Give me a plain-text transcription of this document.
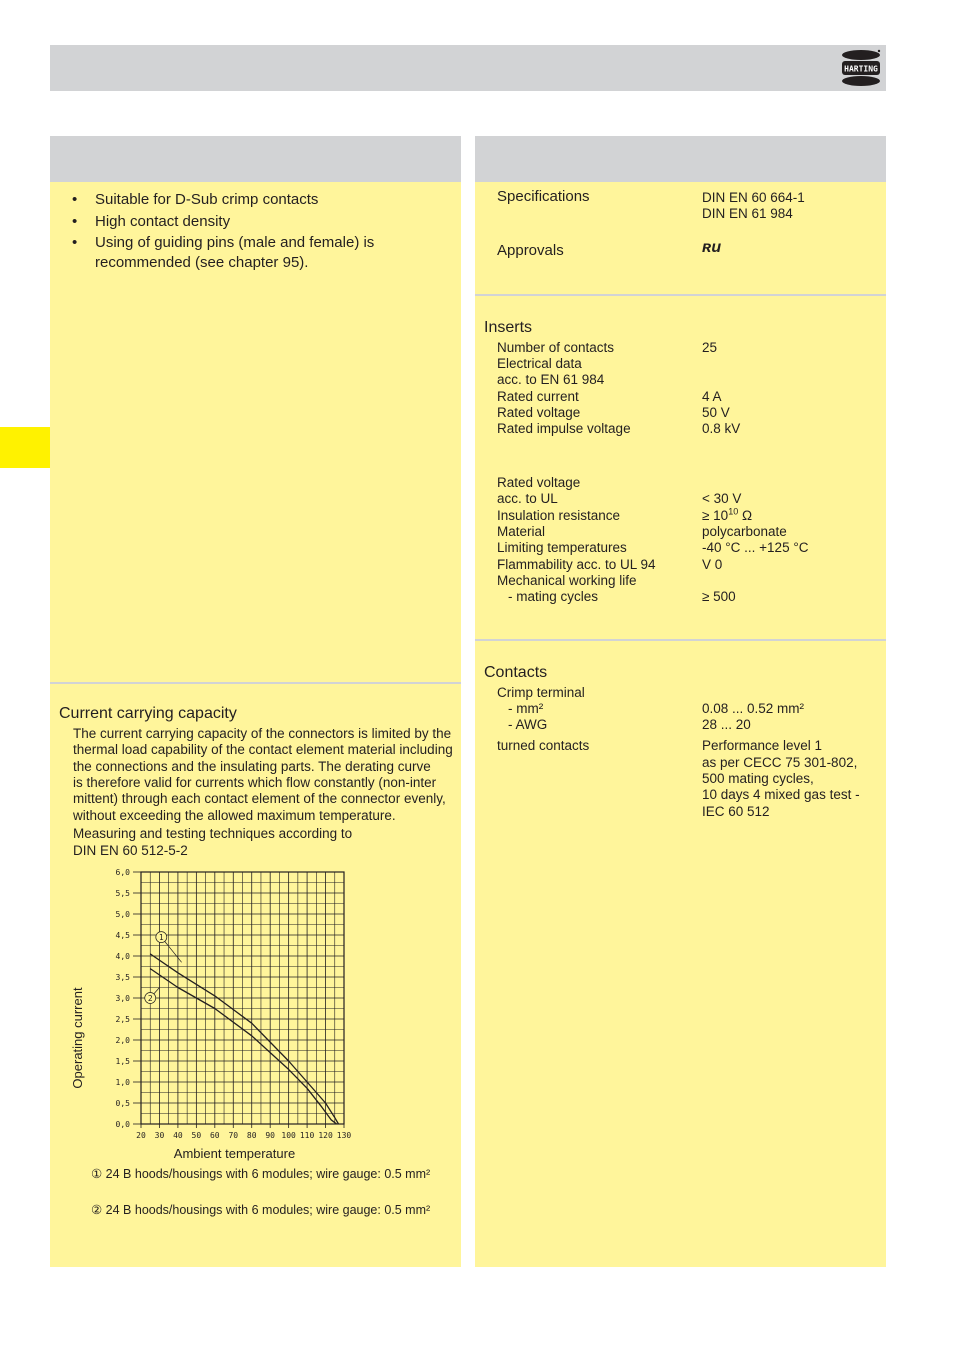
HARTING
• Suitable for D-Sub crimp contacts
• High contact density
• Using of guiding pins (male and female) is
recommended (see chapter 95).
Current carrying capacity
The current carrying capacity of the connectors is limited by the
thermal load capability of the contact element material including
the connections and the insulating parts. The derating curve
is therefore valid for currents which flow constantly (non-inter
mittent) through each contact element of the connector evenly,
without exceeding the allowed maximum temperature.
Measuring and testing techniques according to
DIN EN 60 512-5-2
0,0
0,5
1,0
1,5
2,0
2,5
3,0
3,5
4,0
4,5
5,0
5,5
6,0
20 30 40 50 60 70 80 90 100 110 120 130
1
2
Ambient temperature
Operating current
① 24 B hoods/housings with 6 modules; wire gauge: 0.5 mm²
② 24 B hoods/housings with 6 modules; wire gauge: 0.5 mm²
Specifications	DIN EN 60 664-1
DIN EN 61 984
Approvals	ʀu
Inserts
Number of contacts	25
Electrical data
acc. to EN 61 984
Rated current	4 A
Rated voltage	50 V
Rated impulse voltage	0.8 kV
Rated voltage
acc. to UL	< 30 V
Insulation resistance	≥ $10^{10}$ Ω
Material	polycarbonate
Limiting temperatures	-40 °C ... +125 °C
Flammability acc. to UL 94	V 0
Mechanical working life
- mating cycles	≥ 500
Contacts
Crimp terminal
- mm²	0.08 ... 0.52 mm²
- AWG	28 ... 20
turned contacts	Performance level 1
as per CECC 75 301-802,
500 mating cycles,
10 days 4 mixed gas test -
IEC 60 512
